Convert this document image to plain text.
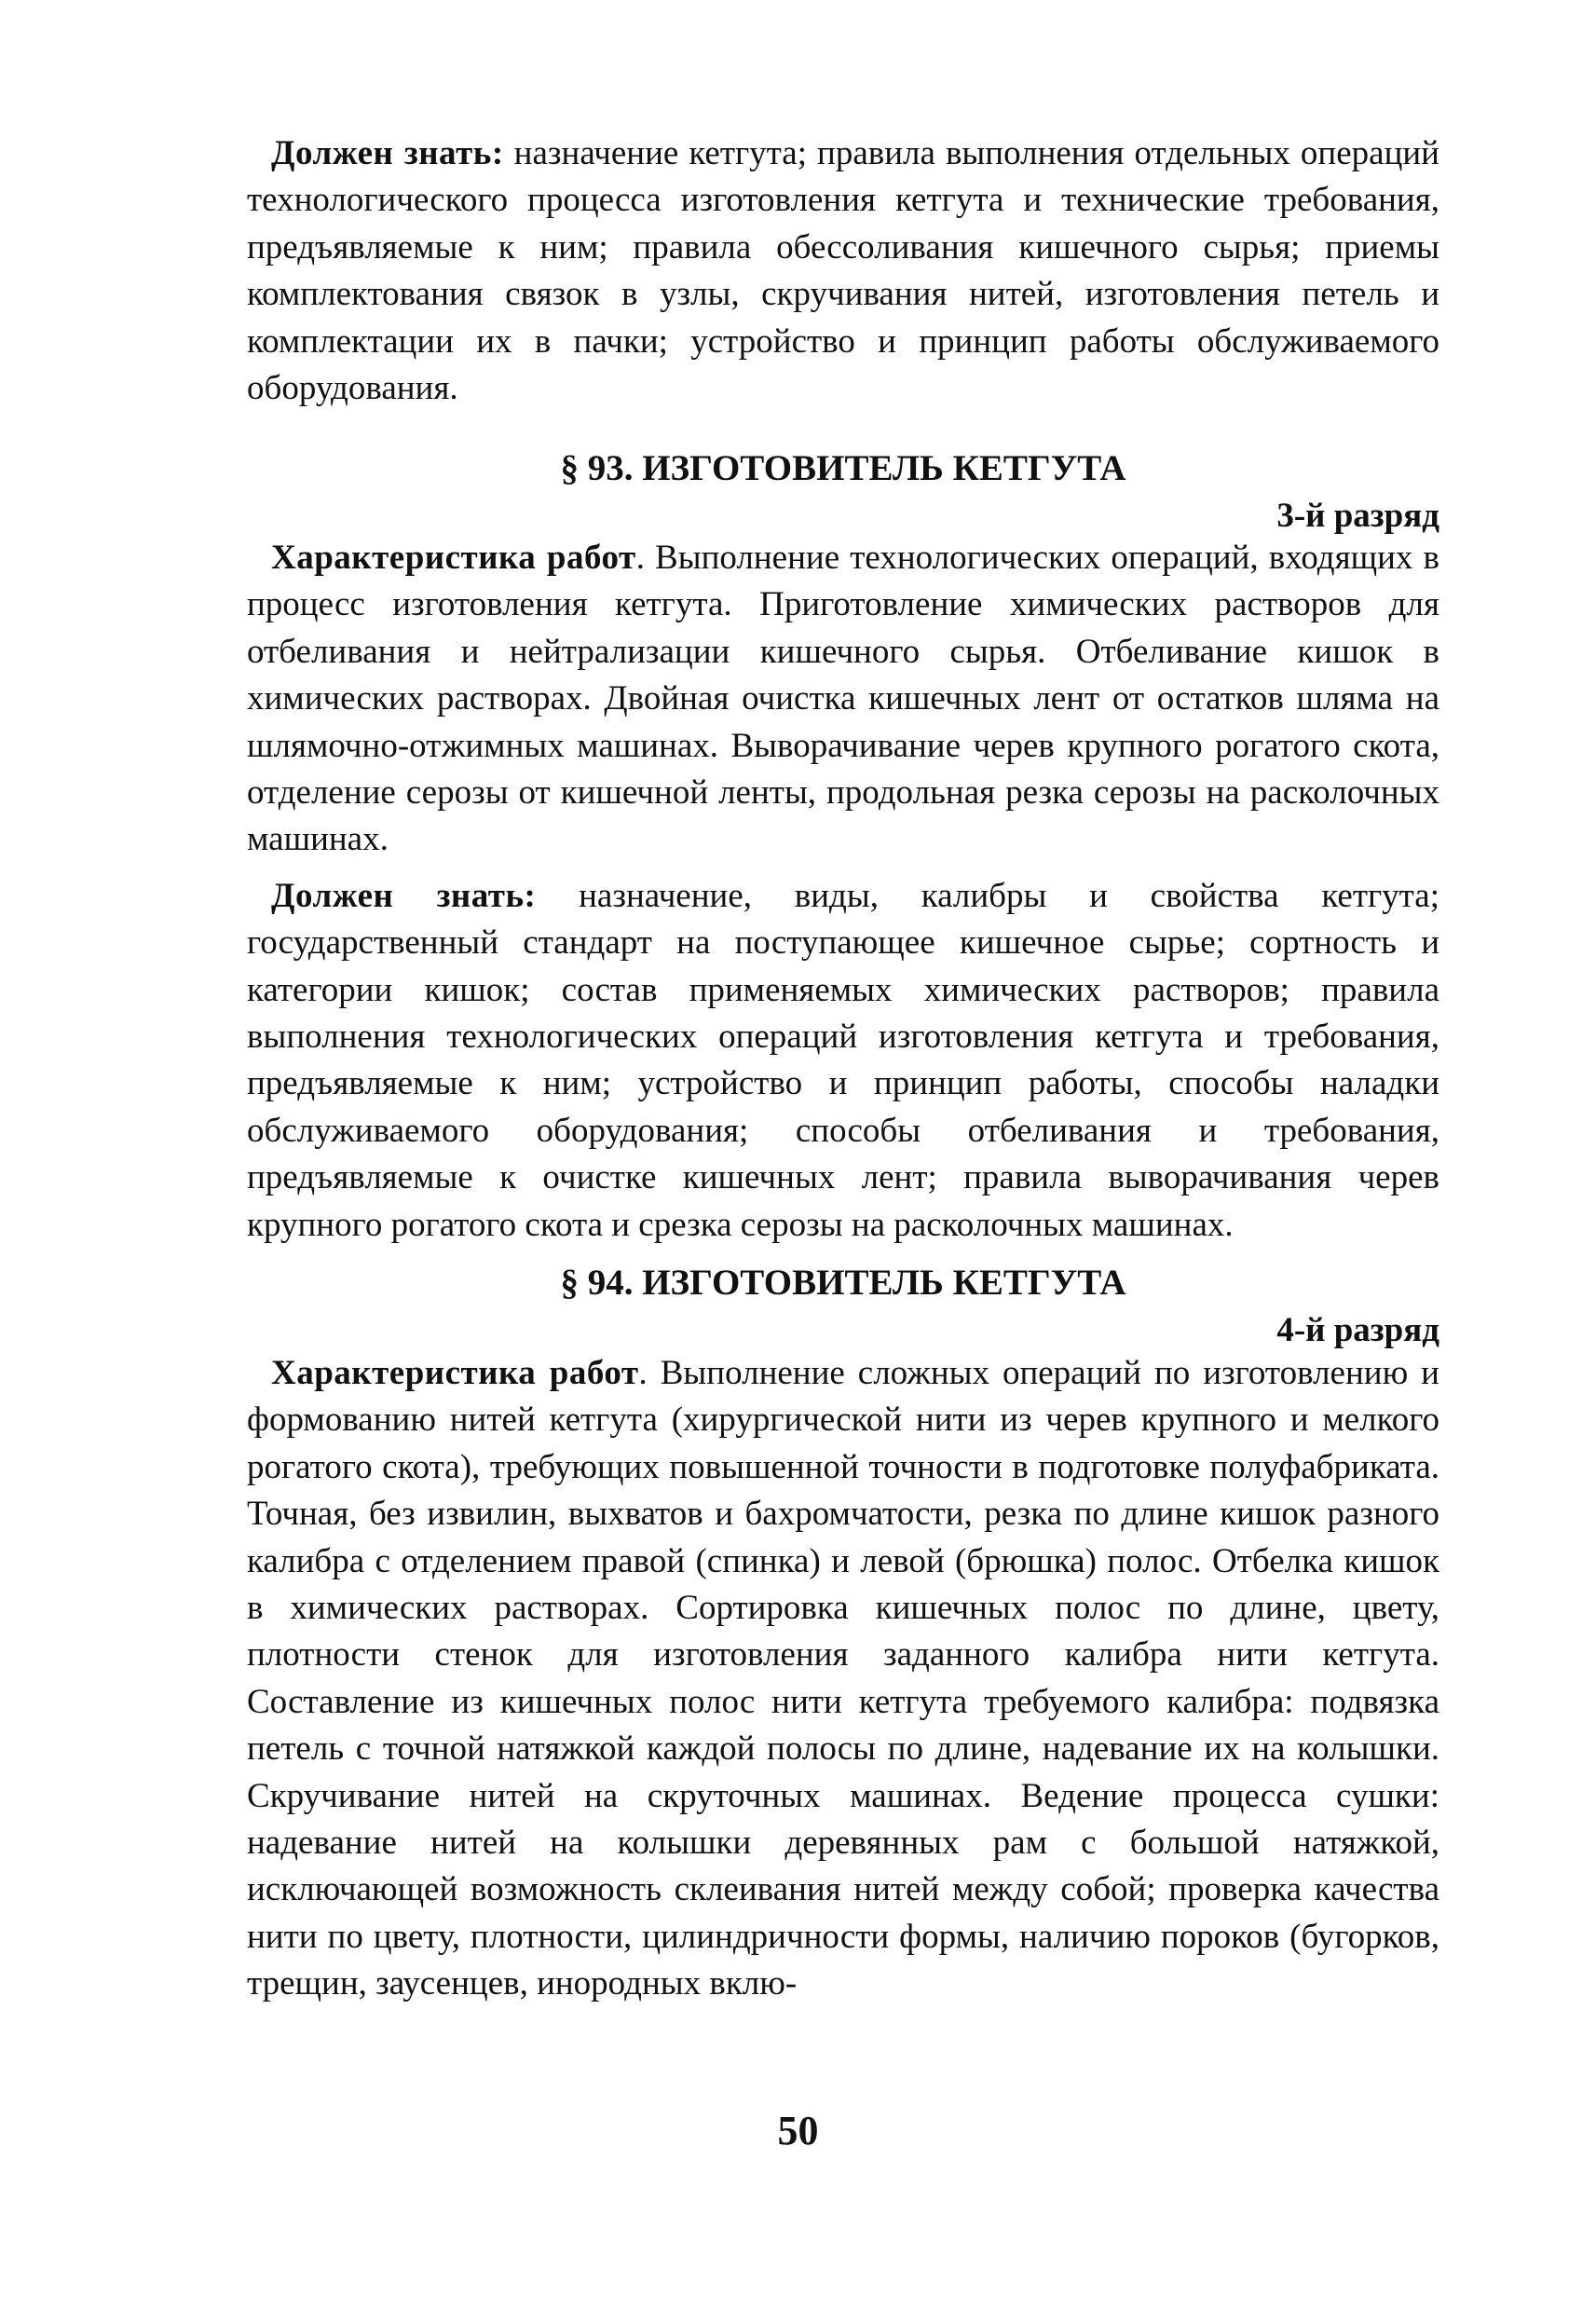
Должен знать: назначение кетгута; правила выполнения отдельных операций технологического процесса изготовления кетгута и технические требования, предъявляемые к ним; правила обессоливания кишечного сырья; приемы комплектования связок в узлы, скручивания нитей, изготовления петель и комплектации их в пачки; устройство и принцип работы обслуживаемого оборудования.

§ 93. ИЗГОТОВИТЕЛЬ КЕТГУТА
3-й разряд

Характеристика работ. Выполнение технологических операций, входящих в процесс изготовления кетгута. Приготовление химических растворов для отбеливания и нейтрализации кишечного сырья. Отбеливание кишок в химических растворах. Двойная очистка кишечных лент от остатков шляма на шлямочно-отжимных машинах. Выворачивание черев крупного рогатого скота, отделение серозы от кишечной ленты, продольная резка серозы на расколочных машинах.

Должен знать: назначение, виды, калибры и свойства кетгута; государственный стандарт на поступающее кишечное сырье; сортность и категории кишок; состав применяемых химических растворов; правила выполнения технологических операций изготовления кетгута и требования, предъявляемые к ним; устройство и принцип работы, способы наладки обслуживаемого оборудования; способы отбеливания и требования, предъявляемые к очистке кишечных лент; правила выворачивания черев крупного рогатого скота и срезка серозы на расколочных машинах.

§ 94. ИЗГОТОВИТЕЛЬ КЕТГУТА
4-й разряд

Характеристика работ. Выполнение сложных операций по изготовлению и формованию нитей кетгута (хирургической нити из черев крупного и мелкого рогатого скота), требующих повышенной точности в подготовке полуфабриката. Точная, без извилин, выхватов и бахромчатости, резка по длине кишок разного калибра с отделением правой (спинка) и левой (брюшка) полос. Отбелка кишок в химических растворах. Сортировка кишечных полос по длине, цвету, плотности стенок для изготовления заданного калибра нити кетгута. Составление из кишечных полос нити кетгута требуемого калибра: подвязка петель с точной натяжкой каждой полосы по длине, надевание их на колышки. Скручивание нитей на скруточных машинах. Ведение процесса сушки: надевание нитей на колышки деревянных рам с большой натяжкой, исключающей возможность склеивания нитей между собой; проверка качества нити по цвету, плотности, цилиндричности формы, наличию пороков (бугорков, трещин, заусенцев, инородных вклю-

50
